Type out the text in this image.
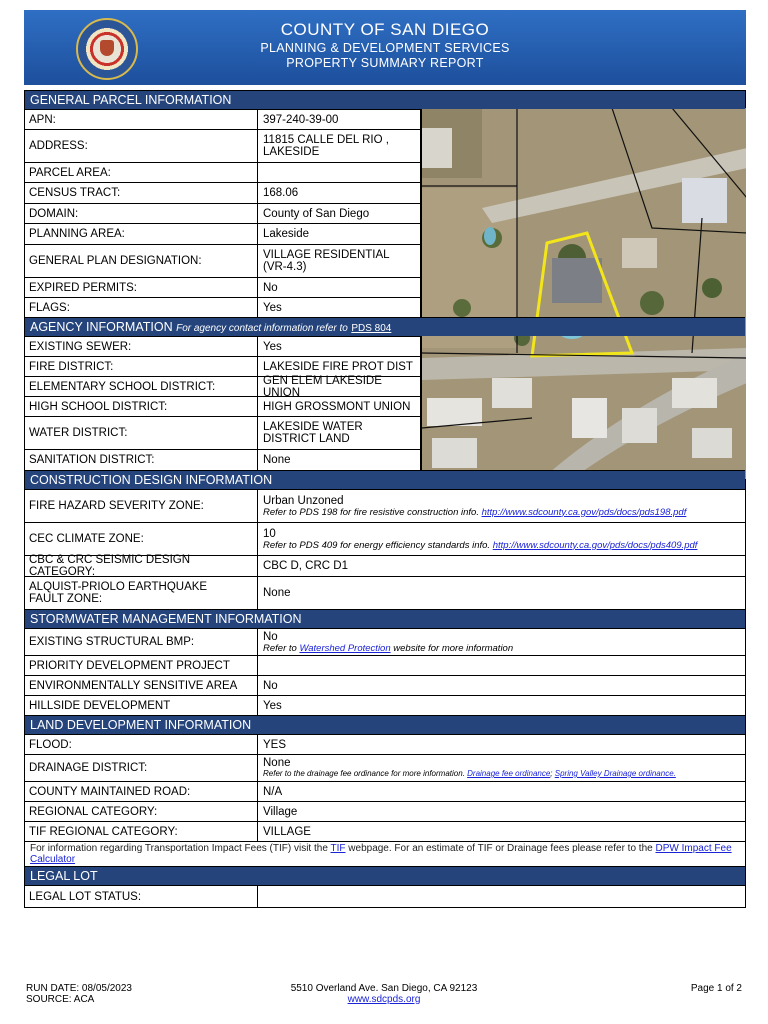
COUNTY OF SAN DIEGO
PLANNING & DEVELOPMENT SERVICES
PROPERTY SUMMARY REPORT
GENERAL PARCEL INFORMATION
APN:	397-240-39-00
ADDRESS:	11815 CALLE DEL RIO , LAKESIDE
PARCEL AREA:
CENSUS TRACT:	168.06
DOMAIN:	County of San Diego
PLANNING AREA:	Lakeside
GENERAL PLAN DESIGNATION:	VILLAGE RESIDENTIAL (VR-4.3)
EXPIRED PERMITS:	No
FLAGS:	Yes
AGENCY INFORMATION For agency contact information refer to PDS 804
EXISTING SEWER:	Yes
FIRE DISTRICT:	LAKESIDE FIRE PROT DIST
ELEMENTARY SCHOOL DISTRICT:	GEN ELEM LAKESIDE UNION
HIGH SCHOOL DISTRICT:	HIGH GROSSMONT UNION
WATER DISTRICT:	LAKESIDE WATER DISTRICT LAND
SANITATION DISTRICT:	None
CONSTRUCTION DESIGN INFORMATION
FIRE HAZARD SEVERITY ZONE:	Urban Unzoned
Refer to PDS 198 for fire resistive construction info. http://www.sdcounty.ca.gov/pds/docs/pds198.pdf
CEC CLIMATE ZONE:	10
Refer to PDS 409 for energy efficiency standards info. http://www.sdcounty.ca.gov/pds/docs/pds409.pdf
CBC & CRC SEISMIC DESIGN CATEGORY:	CBC D, CRC D1
ALQUIST-PRIOLO EARTHQUAKE
FAULT ZONE:	None
STORMWATER MANAGEMENT INFORMATION
EXISTING STRUCTURAL BMP:	No
Refer to Watershed Protection website for more information
PRIORITY DEVELOPMENT PROJECT
ENVIRONMENTALLY SENSITIVE AREA	No
HILLSIDE DEVELOPMENT	Yes
LAND DEVELOPMENT INFORMATION
FLOOD:	YES
DRAINAGE DISTRICT:	None
Refer to the drainage fee ordinance for more information. Drainage fee ordinance; Spring Valley Drainage ordinance.
COUNTY MAINTAINED ROAD:	N/A
REGIONAL CATEGORY:	Village
TIF REGIONAL CATEGORY:	VILLAGE
For information regarding Transportation Impact Fees (TIF) visit the TIF webpage. For an estimate of TIF or Drainage fees please refer to the DPW Impact Fee Calculator
LEGAL LOT
LEGAL LOT STATUS:
RUN DATE: 08/05/2023
SOURCE: ACA
5510 Overland Ave. San Diego, CA 92123
www.sdcpds.org
Page 1 of 2
